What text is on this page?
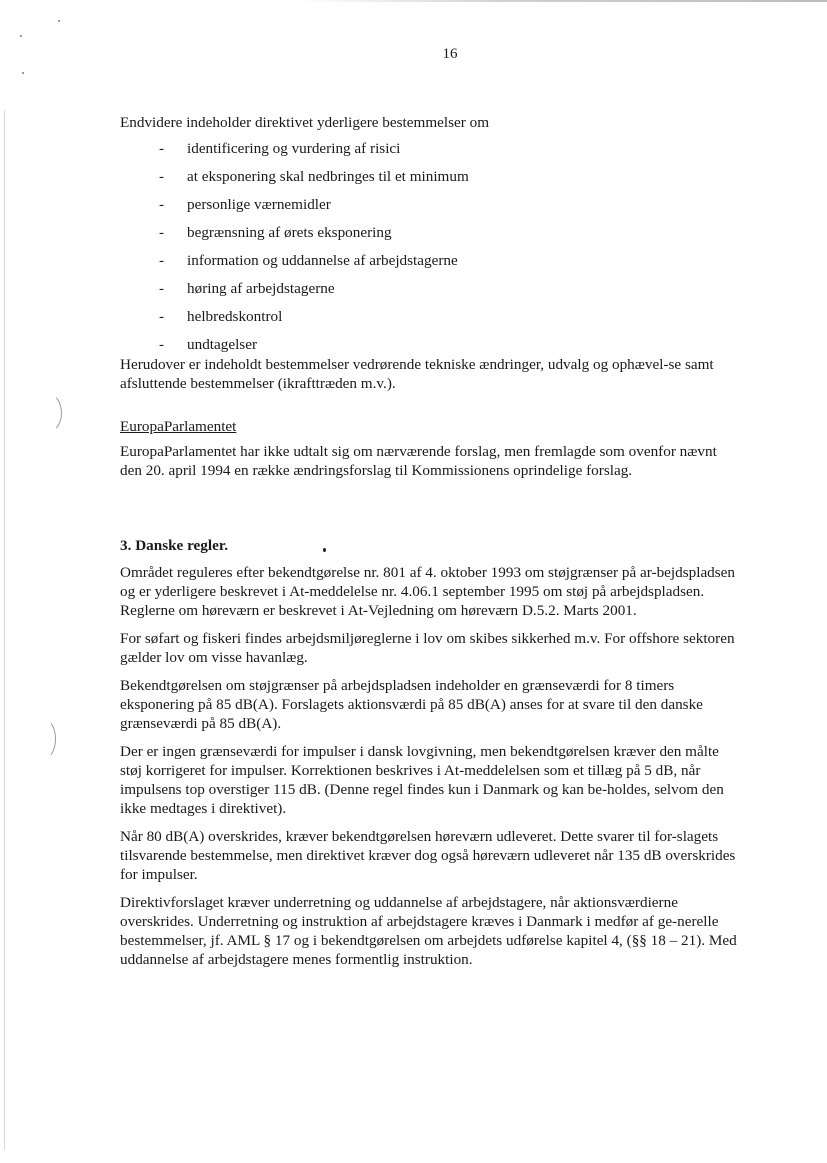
16

Endvidere indeholder direktivet yderligere bestemmelser om

- identificering og vurdering af risici
- at eksponering skal nedbringes til et minimum
- personlige værnemidler
- begrænsning af ørets eksponering
- information og uddannelse af arbejdstagerne
- høring af arbejdstagerne
- helbredskontrol
- undtagelser

Herudover er indeholdt bestemmelser vedrørende tekniske ændringer, udvalg og ophævel-se samt afsluttende bestemmelser (ikrafttræden m.v.).

EuropaParlamentet

EuropaParlamentet har ikke udtalt sig om nærværende forslag, men fremlagde som ovenfor nævnt den 20. april 1994 en række ændringsforslag til Kommissionens oprindelige forslag.

3. Danske regler.

Området reguleres efter bekendtgørelse nr. 801 af 4. oktober 1993 om støjgrænser på ar-bejdspladsen og er yderligere beskrevet i At-meddelelse nr. 4.06.1 september 1995 om støj på arbejdspladsen. Reglerne om høreværn er beskrevet i At-Vejledning om høreværn D.5.2. Marts 2001.

For søfart og fiskeri findes arbejdsmiljøreglerne i lov om skibes sikkerhed m.v. For offshore sektoren gælder lov om visse havanlæg.

Bekendtgørelsen om støjgrænser på arbejdspladsen indeholder en grænseværdi for 8 timers eksponering på 85 dB(A). Forslagets aktionsværdi på 85 dB(A) anses for at svare til den danske grænseværdi på 85 dB(A).

Der er ingen grænseværdi for impulser i dansk lovgivning, men bekendtgørelsen kræver den målte støj korrigeret for impulser. Korrektionen beskrives i At-meddelelsen som et tillæg på 5 dB, når impulsens top overstiger 115 dB. (Denne regel findes kun i Danmark og kan be-holdes, selvom den ikke medtages i direktivet).

Når 80 dB(A) overskrides, kræver bekendtgørelsen høreværn udleveret. Dette svarer til for-slagets tilsvarende bestemmelse, men direktivet kræver dog også høreværn udleveret når 135 dB overskrides for impulser.

Direktivforslaget kræver underretning og uddannelse af arbejdstagere, når aktionsværdierne overskrides. Underretning og instruktion af arbejdstagere kræves i Danmark i medfør af ge-nerelle bestemmelser, jf. AML § 17 og i bekendtgørelsen om arbejdets udførelse kapitel 4, (§§ 18 – 21). Med uddannelse af arbejdstagere menes formentlig instruktion.
